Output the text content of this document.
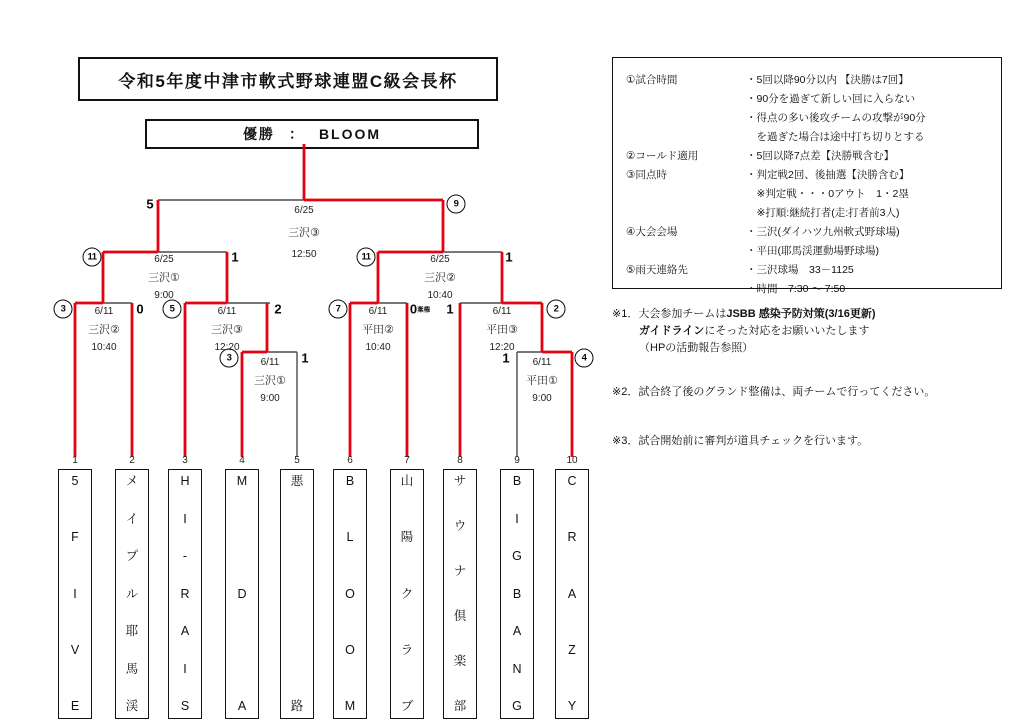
令和5年度中津市軟式野球連盟C級会長杯
優勝 ： BLOOM
5	9
11	1	11	1
3	0	5	2
3	1
7	0棄権 1	2
1	4
6/25
三沢③
12:50
6/25
三沢①
9:00
6/25
三沢②
10:40
6/11
三沢②
10:40
6/11
三沢③
12:20
6/11
三沢①
9:00
6/11
平田②
10:40
6/11
平田③
12:20
6/11
平田①
9:00
1
5
F
I
V
E
2
メ
イ
プ
ル
耶
馬
渓
3
H
I
-
R
A
I
S
4
M
D
A
5
悪
路
6
B
L
O
O
M
7
山
陽
ク
ラ
ブ
8
サ
ウ
ナ
倶
楽
部
9
B
I
G
B
A
N
G
10
C
R
A
Z
Y
①試合時間	・5回以降90分以内 【決勝は7回】
・90分を過ぎて新しい回に入らない
・得点の多い後攻チームの攻撃が90分
　を過ぎた場合は途中打ち切りとする
②コールド適用	・5回以降7点差【決勝戦含む】
③同点時	・判定戦2回、後抽選【決勝含む】
　※判定戦・・・0アウト　1・2塁
　※打順:継続打者(走:打者前3人)
④大会会場	・三沢(ダイハツ九州軟式野球場)
・平田(耶馬渓運動場野球場)
⑤雨天連絡先	・三沢球場　33－1125
・時間　7:30 ～ 7:50
※1．大会参加チームはJSBB 感染予防対策(3/16更新)
ガイドラインにそった対応をお願いいたします
（HPの活動報告参照）
※2．試合終了後のグランド整備は、両チームで行ってください。
※3．試合開始前に審判が道具チェックを行います。
